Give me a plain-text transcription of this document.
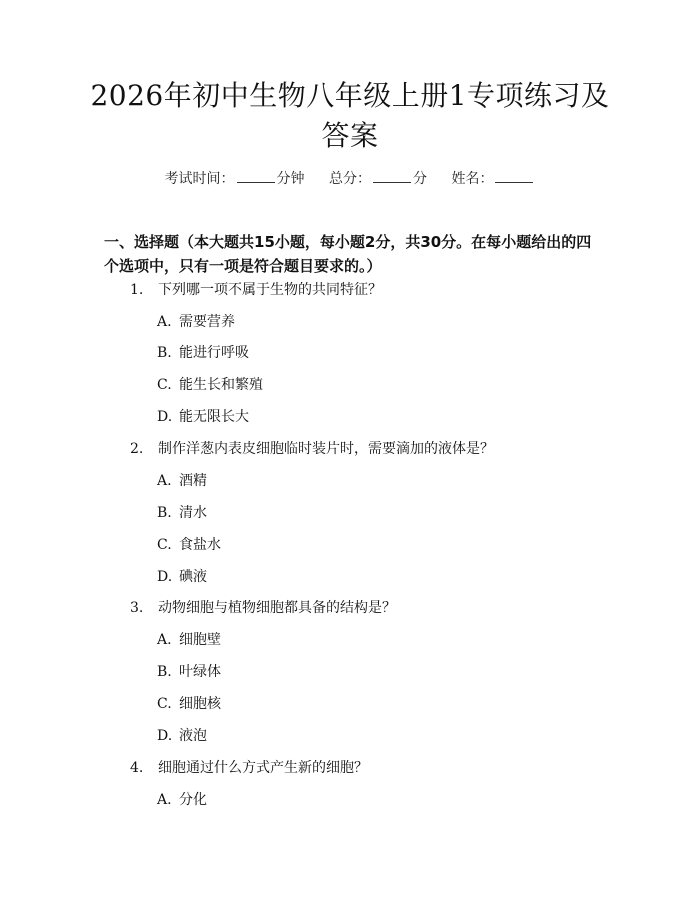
2026年初中生物八年级上册1专项练习及答案
考试时间：	分钟 总分：	分 姓名：
一、选择题（本大题共15小题，每小题2分，共30分。在每小题给出的四个选项中，只有一项是符合题目要求的。）
1. 下列哪一项不属于生物的共同特征？
A. 需要营养
B. 能进行呼吸
C. 能生长和繁殖
D. 能无限长大
2. 制作洋葱内表皮细胞临时装片时，需要滴加的液体是？
A. 酒精
B. 清水
C. 食盐水
D. 碘液
3. 动物细胞与植物细胞都具备的结构是？
A. 细胞壁
B. 叶绿体
C. 细胞核
D. 液泡
4. 细胞通过什么方式产生新的细胞？
A. 分化
